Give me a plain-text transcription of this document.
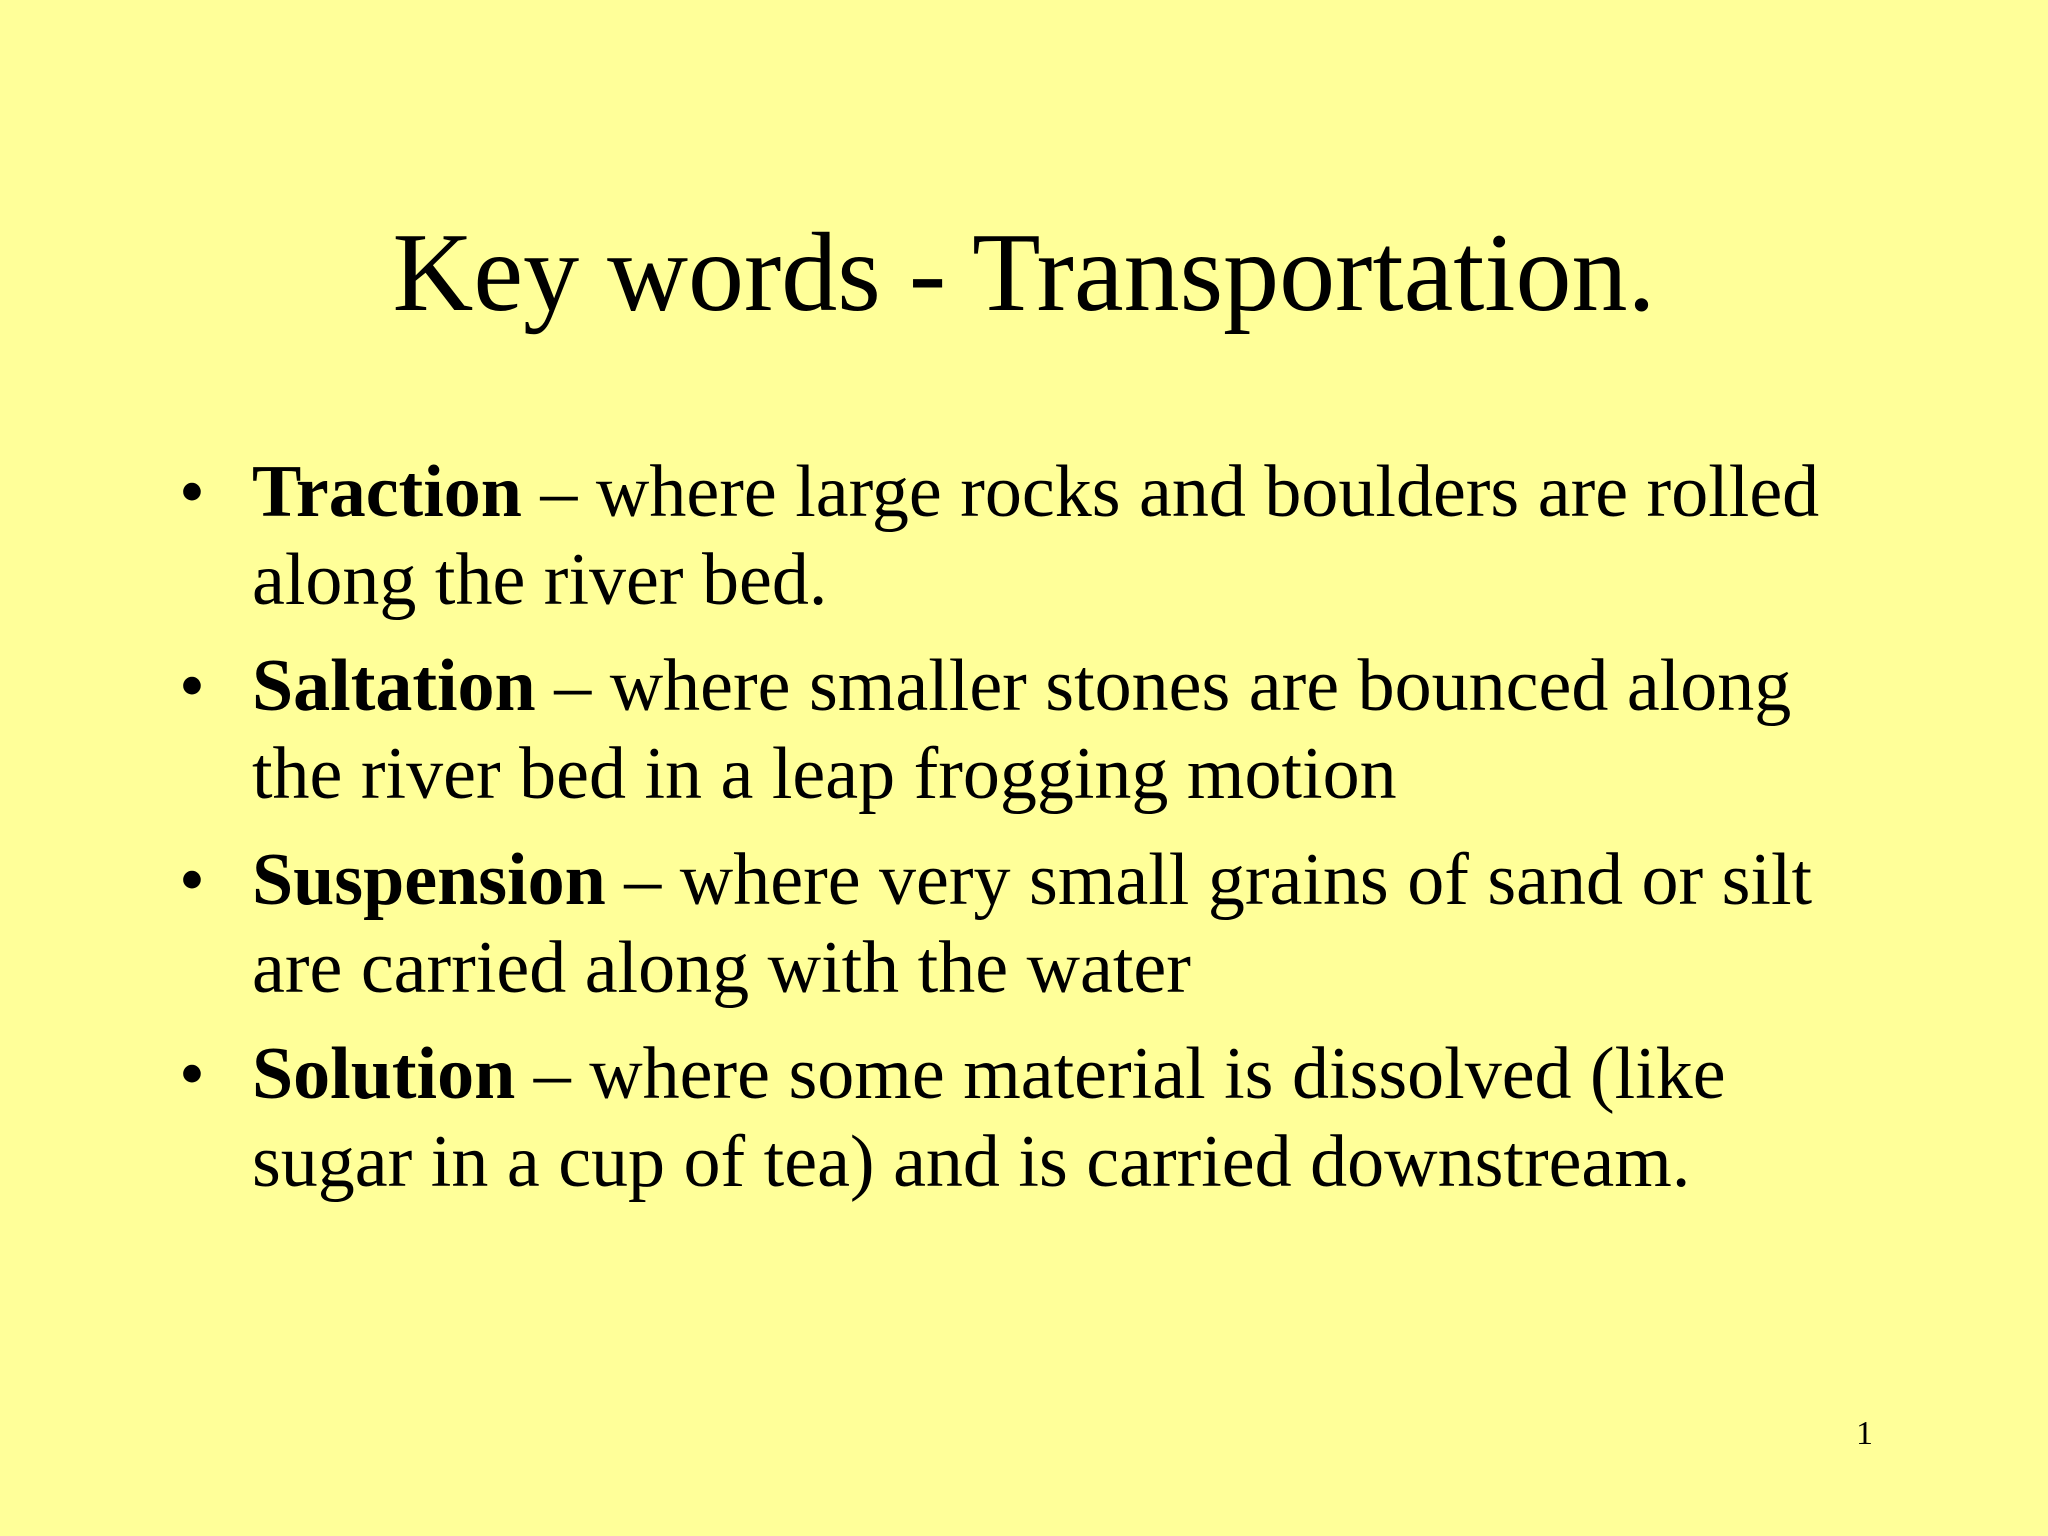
Key words - Transportation.
• Traction – where large rocks and boulders are rolled along the river bed.
• Saltation – where smaller stones are bounced along the river bed in a leap frogging motion
• Suspension – where very small grains of sand or silt are carried along with the water
• Solution – where some material is dissolved (like sugar in a cup of tea) and is carried downstream.
1
